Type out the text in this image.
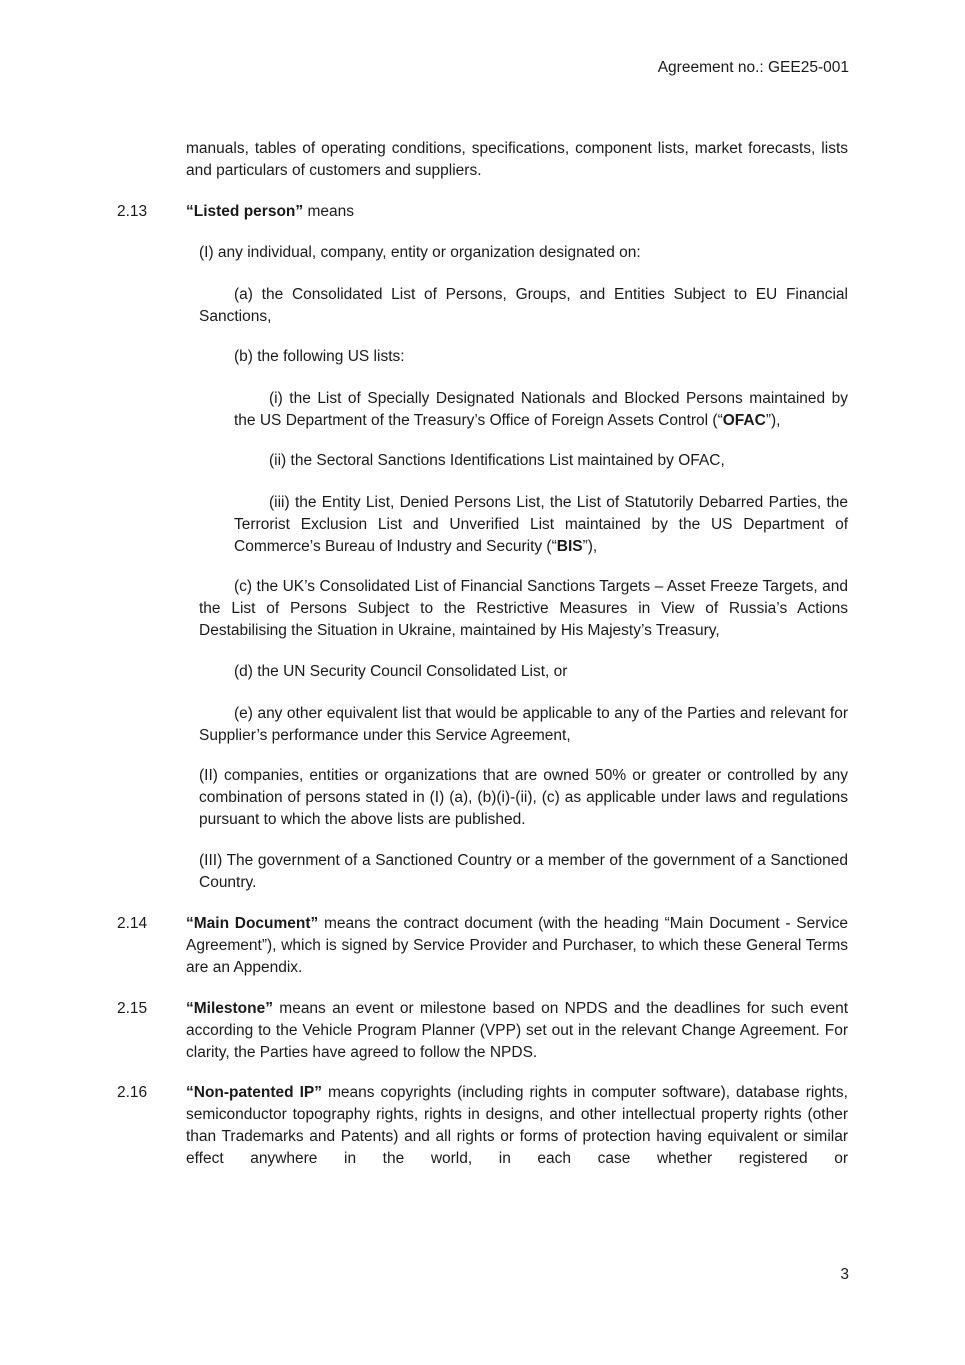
Agreement no.: GEE25-001
manuals, tables of operating conditions, specifications, component lists, market forecasts, lists and particulars of customers and suppliers.
2.13	“Listed person” means
(I) any individual, company, entity or organization designated on:
(a) the Consolidated List of Persons, Groups, and Entities Subject to EU Financial Sanctions,
(b) the following US lists:
(i) the List of Specially Designated Nationals and Blocked Persons maintained by the US Department of the Treasury’s Office of Foreign Assets Control (“OFAC”),
(ii) the Sectoral Sanctions Identifications List maintained by OFAC,
(iii) the Entity List, Denied Persons List, the List of Statutorily Debarred Parties, the Terrorist Exclusion List and Unverified List maintained by the US Department of Commerce’s Bureau of Industry and Security (“BIS”),
(c) the UK’s Consolidated List of Financial Sanctions Targets – Asset Freeze Targets, and the List of Persons Subject to the Restrictive Measures in View of Russia’s Actions Destabilising the Situation in Ukraine, maintained by His Majesty’s Treasury,
(d) the UN Security Council Consolidated List, or
(e) any other equivalent list that would be applicable to any of the Parties and relevant for Supplier’s performance under this Service Agreement,
(II) companies, entities or organizations that are owned 50% or greater or controlled by any combination of persons stated in (I) (a), (b)(i)-(ii), (c) as applicable under laws and regulations pursuant to which the above lists are published.
(III) The government of a Sanctioned Country or a member of the government of a Sanctioned Country.
2.14	“Main Document” means the contract document (with the heading “Main Document - Service Agreement”), which is signed by Service Provider and Purchaser, to which these General Terms are an Appendix.
2.15	“Milestone” means an event or milestone based on NPDS and the deadlines for such event according to the Vehicle Program Planner (VPP) set out in the relevant Change Agreement. For clarity, the Parties have agreed to follow the NPDS.
2.16	“Non-patented IP” means copyrights (including rights in computer software), database rights, semiconductor topography rights, rights in designs, and other intellectual property rights (other than Trademarks and Patents) and all rights or forms of protection having equivalent or similar effect anywhere in the world, in each case whether registered or
3
